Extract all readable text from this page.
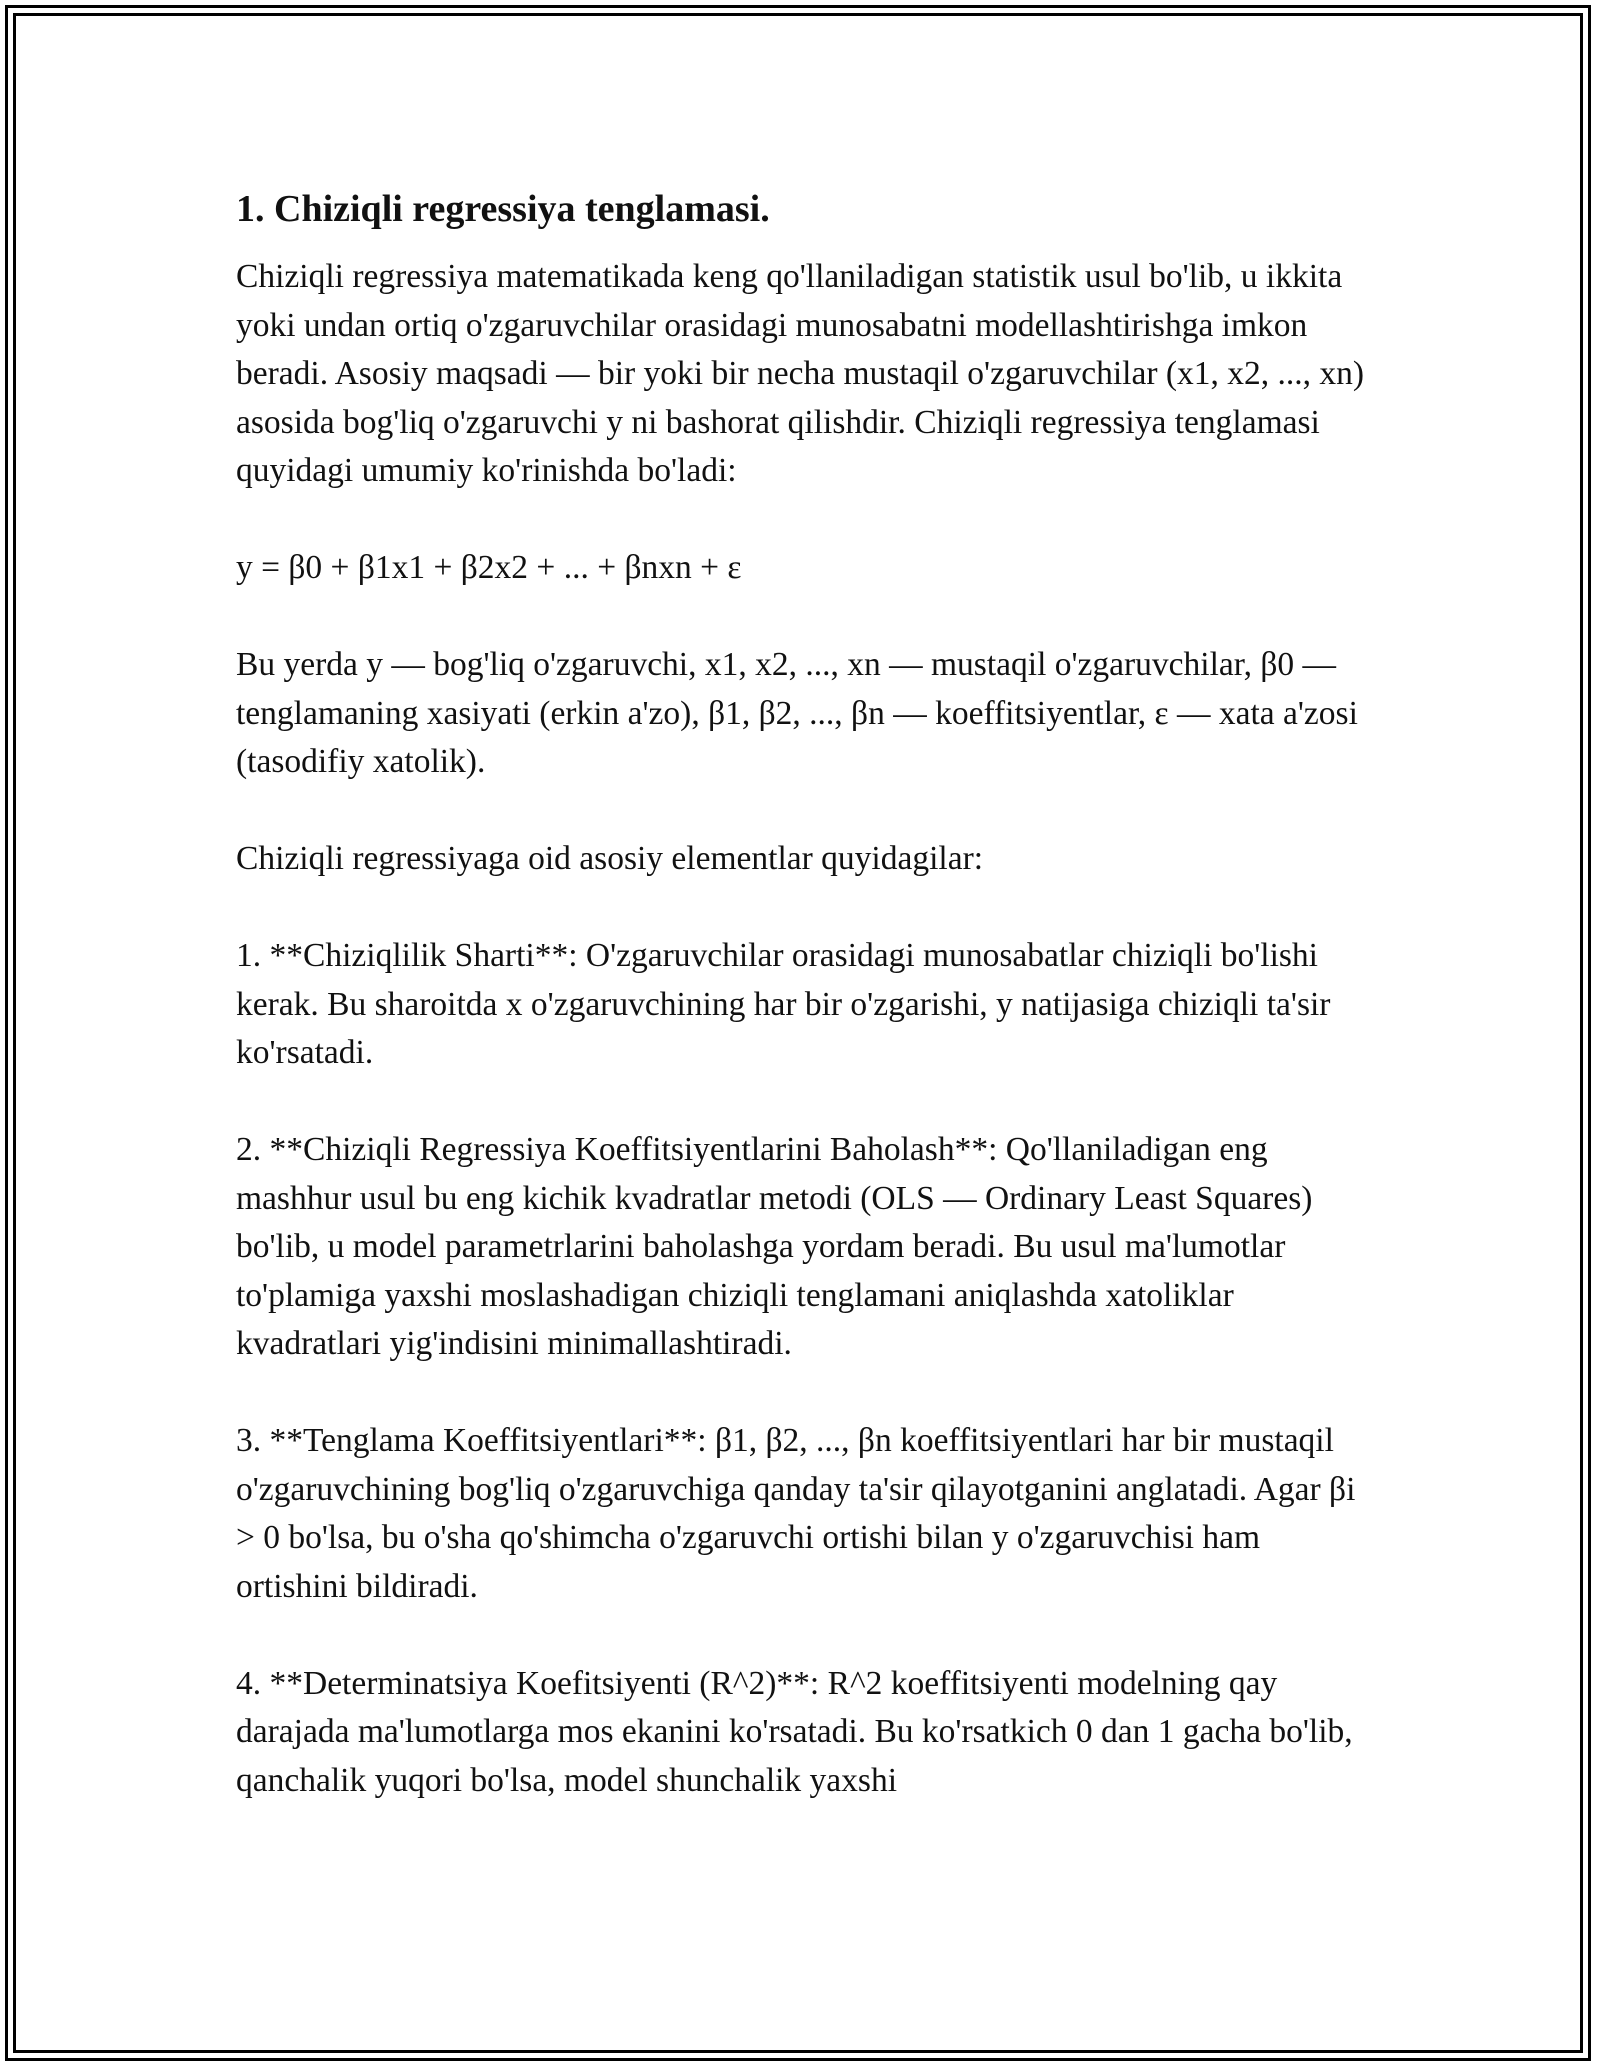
1. Chiziqli regressiya tenglamasi.

Chiziqli regressiya matematikada keng qo'llaniladigan statistik usul bo'lib, u ikkita yoki undan ortiq o'zgaruvchilar orasidagi munosabatni modellashtirishga imkon beradi. Asosiy maqsadi — bir yoki bir necha mustaqil o'zgaruvchilar (x1, x2, ..., xn) asosida bog'liq o'zgaruvchi y ni bashorat qilishdir. Chiziqli regressiya tenglamasi quyidagi umumiy ko'rinishda bo'ladi:

y = β0 + β1x1 + β2x2 + ... + βnxn + ε

Bu yerda y — bog'liq o'zgaruvchi, x1, x2, ..., xn — mustaqil o'zgaruvchilar, β0 — tenglamaning xasiyati (erkin a'zo), β1, β2, ..., βn — koeffitsiyentlar, ε — xata a'zosi (tasodifiy xatolik).

Chiziqli regressiyaga oid asosiy elementlar quyidagilar:

1. **Chiziqlilik Sharti**: O'zgaruvchilar orasidagi munosabatlar chiziqli bo'lishi kerak. Bu sharoitda x o'zgaruvchining har bir o'zgarishi, y natijasiga chiziqli ta'sir ko'rsatadi.

2. **Chiziqli Regressiya Koeffitsiyentlarini Baholash**: Qo'llaniladigan eng mashhur usul bu eng kichik kvadratlar metodi (OLS — Ordinary Least Squares) bo'lib, u model parametrlarini baholashga yordam beradi. Bu usul ma'lumotlar to'plamiga yaxshi moslashadigan chiziqli tenglamani aniqlashda xatoliklar kvadratlari yig'indisini minimallashtiradi.

3. **Tenglama Koeffitsiyentlari**: β1, β2, ..., βn koeffitsiyentlari har bir mustaqil o'zgaruvchining bog'liq o'zgaruvchiga qanday ta'sir qilayotganini anglatadi. Agar βi > 0 bo'lsa, bu o'sha qo'shimcha o'zgaruvchi ortishi bilan y o'zgaruvchisi ham ortishini bildiradi.

4. **Determinatsiya Koefitsiyenti (R^2)**: R^2 koeffitsiyenti modelning qay darajada ma'lumotlarga mos ekanini ko'rsatadi. Bu ko'rsatkich 0 dan 1 gacha bo'lib, qanchalik yuqori bo'lsa, model shunchalik yaxshi
